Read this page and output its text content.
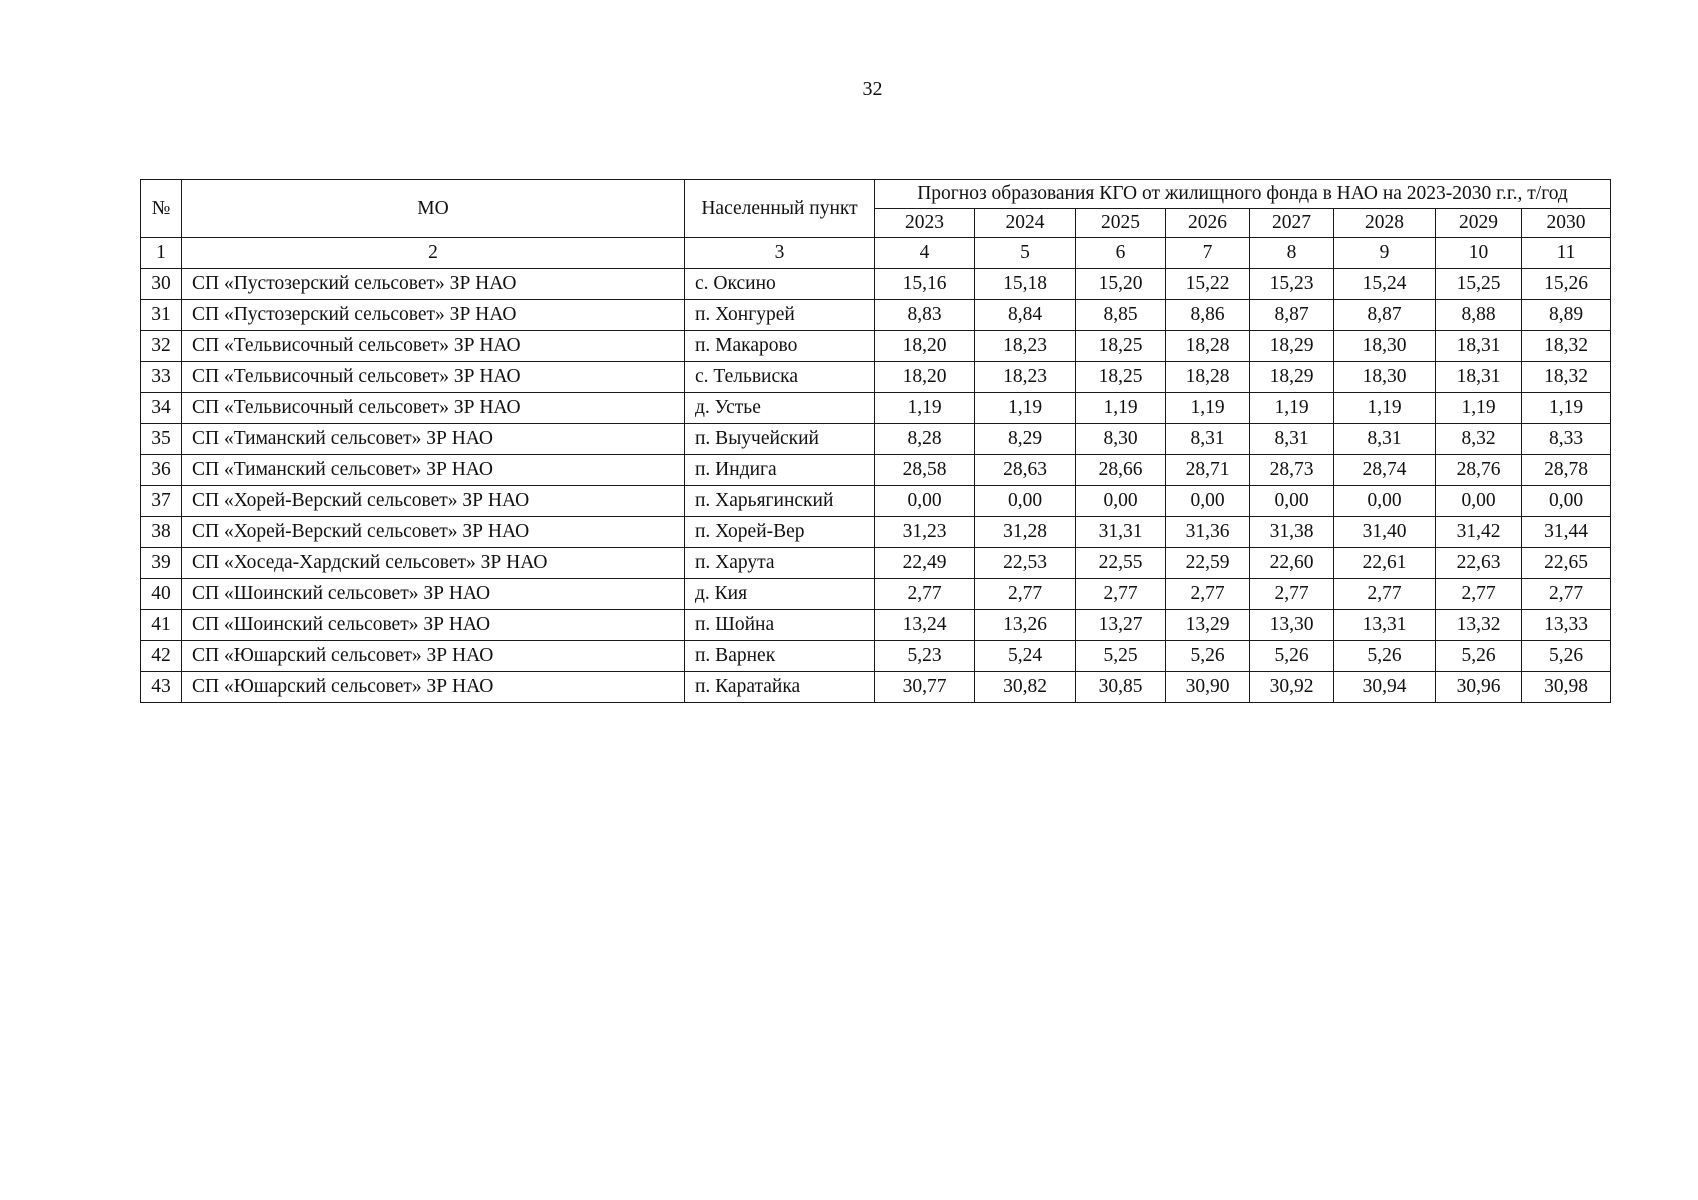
32
№	МО	Населенный пункт	Прогноз образования КГО от жилищного фонда в НАО на 2023-2030 г.г., т/год							
			2023	2024	2025	2026	2027	2028	2029	2030
1	2	3	4	5	6	7	8	9	10	11
30	СП «Пустозерский сельсовет» ЗР НАО	с. Оксино	15,16	15,18	15,20	15,22	15,23	15,24	15,25	15,26
31	СП «Пустозерский сельсовет» ЗР НАО	п. Хонгурей	8,83	8,84	8,85	8,86	8,87	8,87	8,88	8,89
32	СП «Тельвисочный сельсовет» ЗР НАО	п. Макарово	18,20	18,23	18,25	18,28	18,29	18,30	18,31	18,32
33	СП «Тельвисочный сельсовет» ЗР НАО	с. Тельвиска	18,20	18,23	18,25	18,28	18,29	18,30	18,31	18,32
34	СП «Тельвисочный сельсовет» ЗР НАО	д. Устье	1,19	1,19	1,19	1,19	1,19	1,19	1,19	1,19
35	СП «Тиманский сельсовет» ЗР НАО	п. Выучейский	8,28	8,29	8,30	8,31	8,31	8,31	8,32	8,33
36	СП «Тиманский сельсовет» ЗР НАО	п. Индига	28,58	28,63	28,66	28,71	28,73	28,74	28,76	28,78
37	СП «Хорей-Верский сельсовет» ЗР НАО	п. Харьягинский	0,00	0,00	0,00	0,00	0,00	0,00	0,00	0,00
38	СП «Хорей-Верский сельсовет» ЗР НАО	п. Хорей-Вер	31,23	31,28	31,31	31,36	31,38	31,40	31,42	31,44
39	СП «Хоседа-Хардский сельсовет» ЗР НАО	п. Харута	22,49	22,53	22,55	22,59	22,60	22,61	22,63	22,65
40	СП «Шоинский сельсовет» ЗР НАО	д. Кия	2,77	2,77	2,77	2,77	2,77	2,77	2,77	2,77
41	СП «Шоинский сельсовет» ЗР НАО	п. Шойна	13,24	13,26	13,27	13,29	13,30	13,31	13,32	13,33
42	СП «Юшарский сельсовет» ЗР НАО	п. Варнек	5,23	5,24	5,25	5,26	5,26	5,26	5,26	5,26
43	СП «Юшарский сельсовет» ЗР НАО	п. Каратайка	30,77	30,82	30,85	30,90	30,92	30,94	30,96	30,98
